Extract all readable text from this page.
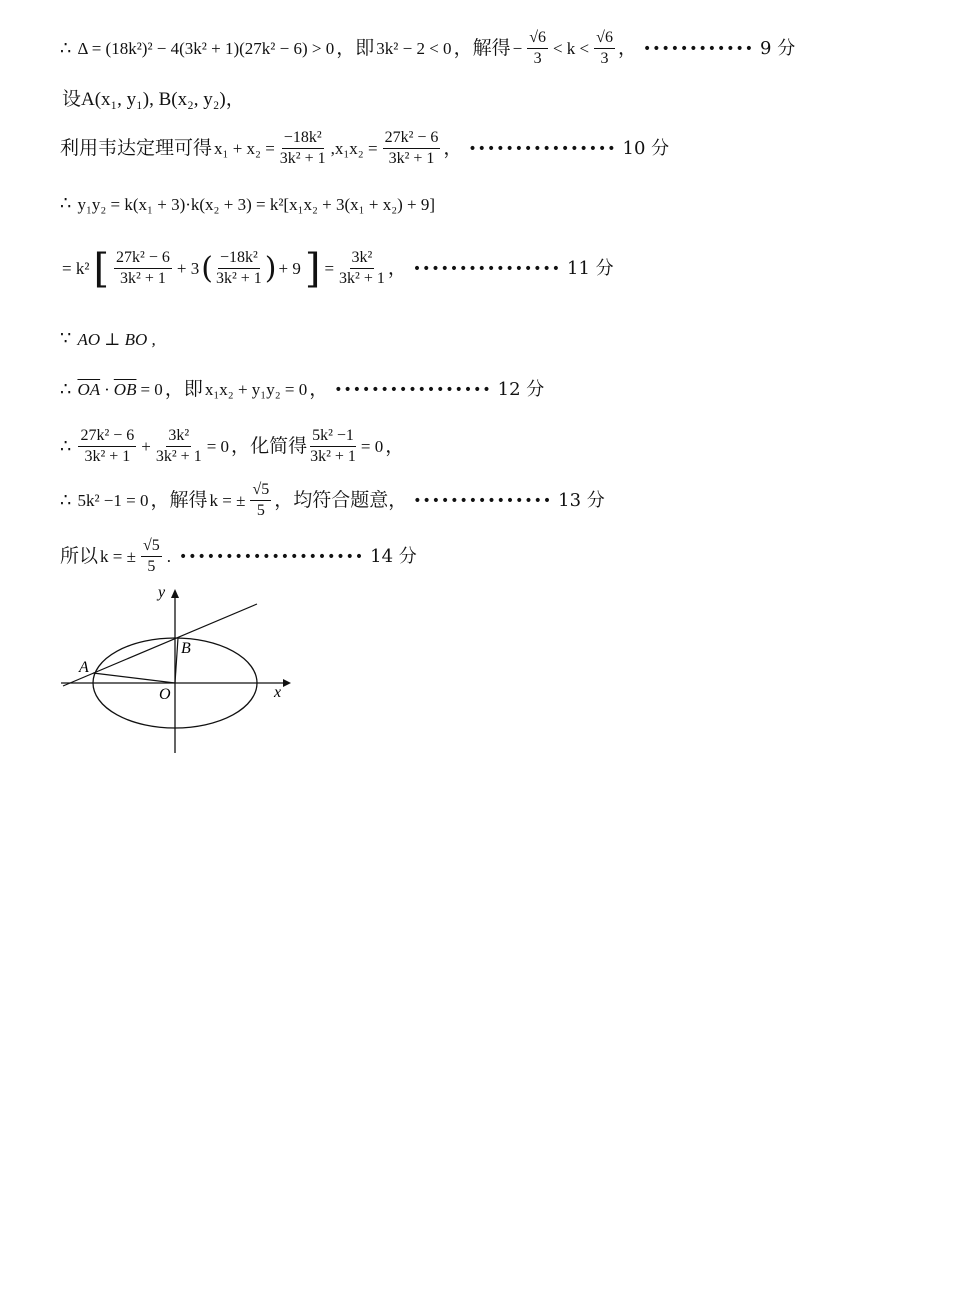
∴ Δ = (18k²)² − 4(3k² + 1)(27k² − 6) > 0 ， 即 3k² − 2 < 0 ， 解得 − $\frac{√6}{3} < k < \frac{√6}{3}$ ， •••••••••••• 9 分
设A(x₁, y₁), B(x₂, y₂)，
利用韦达定理可得 $x_1 + x_2 = \frac{\text{−18k²}}{\text{3k² + 1}} ,x_1x_2 = \frac{\text{27k² − 6}}{\text{3k² + 1}}$ ， •••••••••••••••• 10 分
∴ y₁y₂ = k(x₁ + 3)·k(x₂ + 3) = k²[x₁x₂ + 3(x₁ + x₂) + 9]
= k² [ $\frac{\text{27k² − 6}}{\text{3k² + 1}} + 3$ ( $\frac{\text{−18k²}}{\text{3k² + 1}}$ ) + 9 ] = $\frac{\text{3k²}}{\text{3k² + 1}}$ ， •••••••••••••••• 11 分
∵ AO ⊥ BO ,
∴ $\overline{OA} \cdot \overline{OB} = 0$ ， 即 x₁x₂ + y₁y₂ = 0 ， ••••••••••••••••• 12 分
∴ $\frac{\text{27k² − 6}}{\text{3k² + 1}} + \frac{\text{3k²}}{\text{3k² + 1}} = 0$ ， 化简得 $\frac{\text{5k² −1}}{\text{3k² + 1}} = 0$ ，
∴ 5k² −1 = 0 ， 解得 k = ± $\frac{√5}{5}$ ， 均符合题意， ••••••••••••••• 13 分
所以 k = ± $\frac{√5}{5}$ . •••••••••••••••••••• 14 分
y
x
A
B
O
